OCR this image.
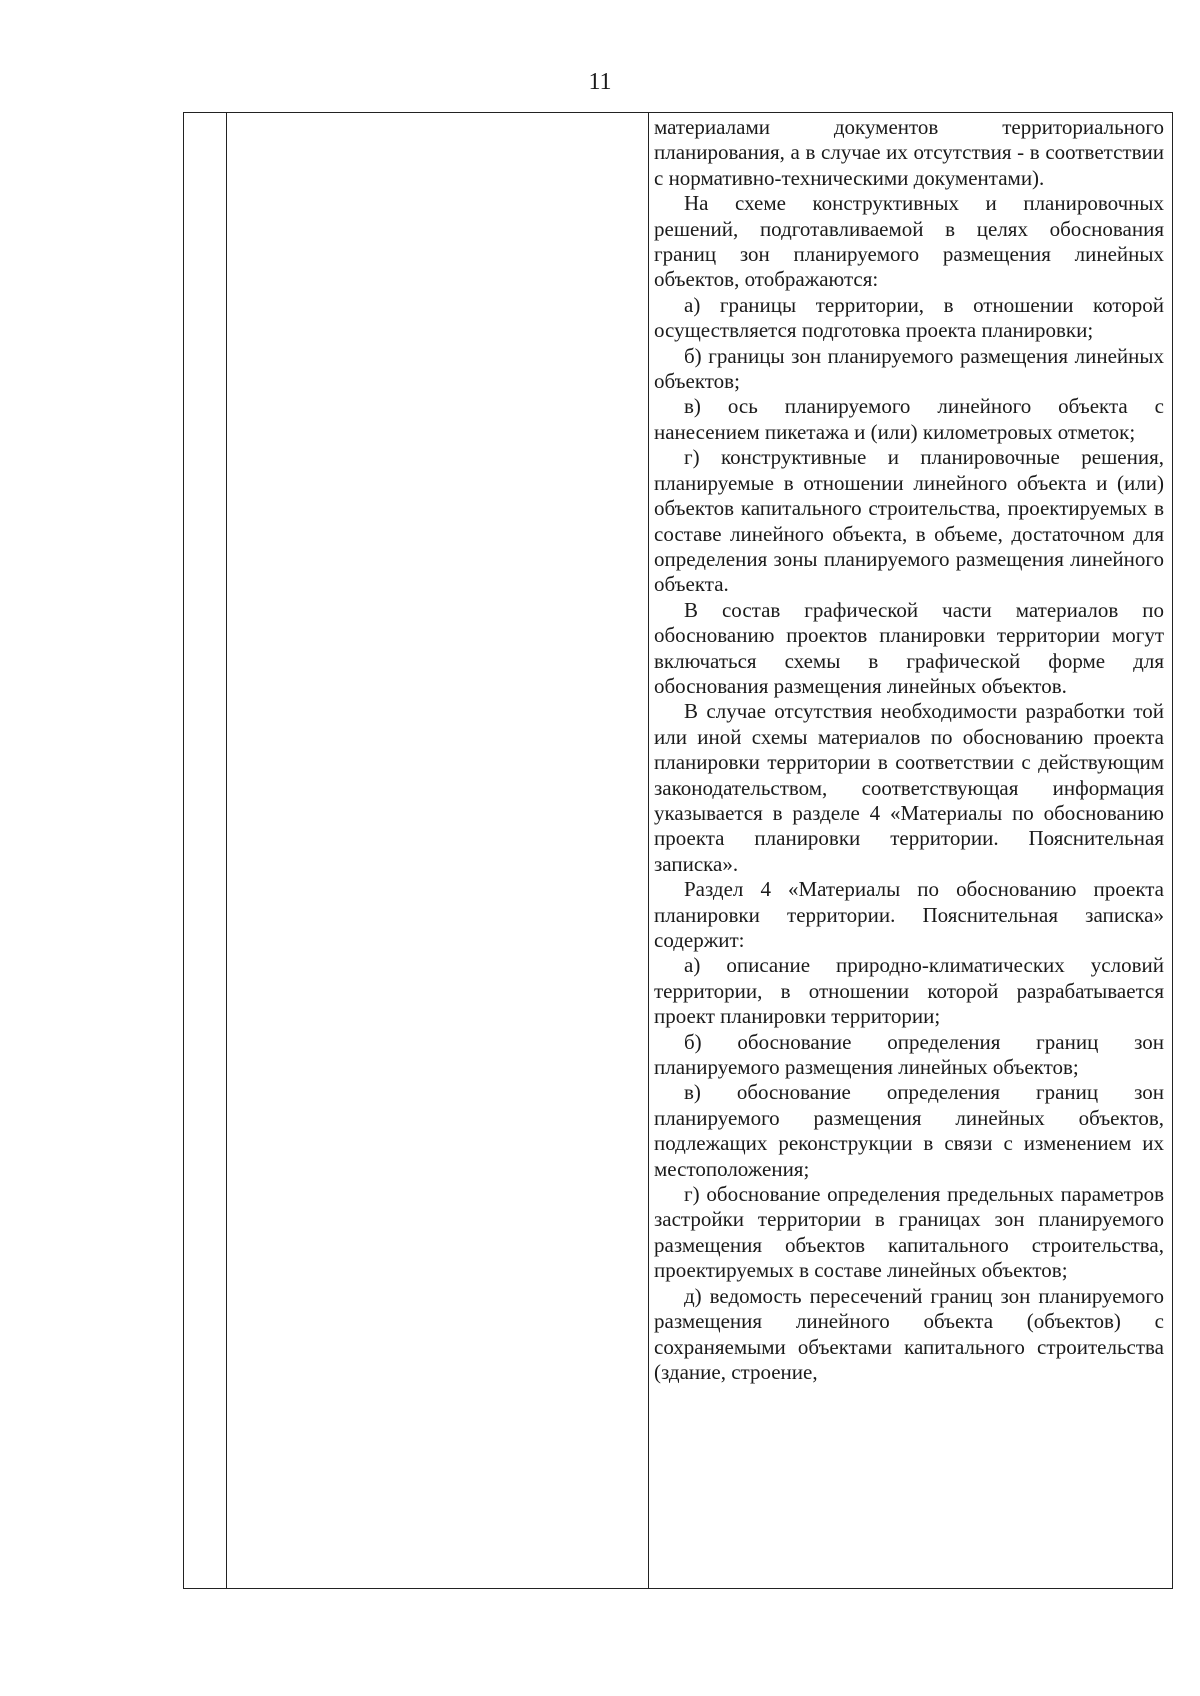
11

материалами документов территориального планирования, а в случае их отсутствия - в соответствии с нормативно-техническими документами).

На схеме конструктивных и планировочных решений, подготавливаемой в целях обоснования границ зон планируемого размещения линейных объектов, отображаются:

а) границы территории, в отношении которой осуществляется подготовка проекта планировки;

б) границы зон планируемого размещения линейных объектов;

в) ось планируемого линейного объекта с нанесением пикетажа и (или) километровых отметок;

г) конструктивные и планировочные решения, планируемые в отношении линейного объекта и (или) объектов капитального строительства, проектируемых в составе линейного объекта, в объеме, достаточном для определения зоны планируемого размещения линейного объекта.

В состав графической части материалов по обоснованию проектов планировки территории могут включаться схемы в графической форме для обоснования размещения линейных объектов.

В случае отсутствия необходимости разработки той или иной схемы материалов по обоснованию проекта планировки территории в соответствии с действующим законодательством, соответствующая информация указывается в разделе 4 «Материалы по обоснованию проекта планировки территории. Пояснительная записка».

Раздел 4 «Материалы по обоснованию проекта планировки территории. Пояснительная записка» содержит:

а) описание природно-климатических условий территории, в отношении которой разрабатывается проект планировки территории;

б) обоснование определения границ зон планируемого размещения линейных объектов;

в) обоснование определения границ зон планируемого размещения линейных объектов, подлежащих реконструкции в связи с изменением их местоположения;

г) обоснование определения предельных параметров застройки территории в границах зон планируемого размещения объектов капитального строительства, проектируемых в составе линейных объектов;

д) ведомость пересечений границ зон планируемого размещения линейного объекта (объектов) с сохраняемыми объектами капитального строительства (здание, строение,
